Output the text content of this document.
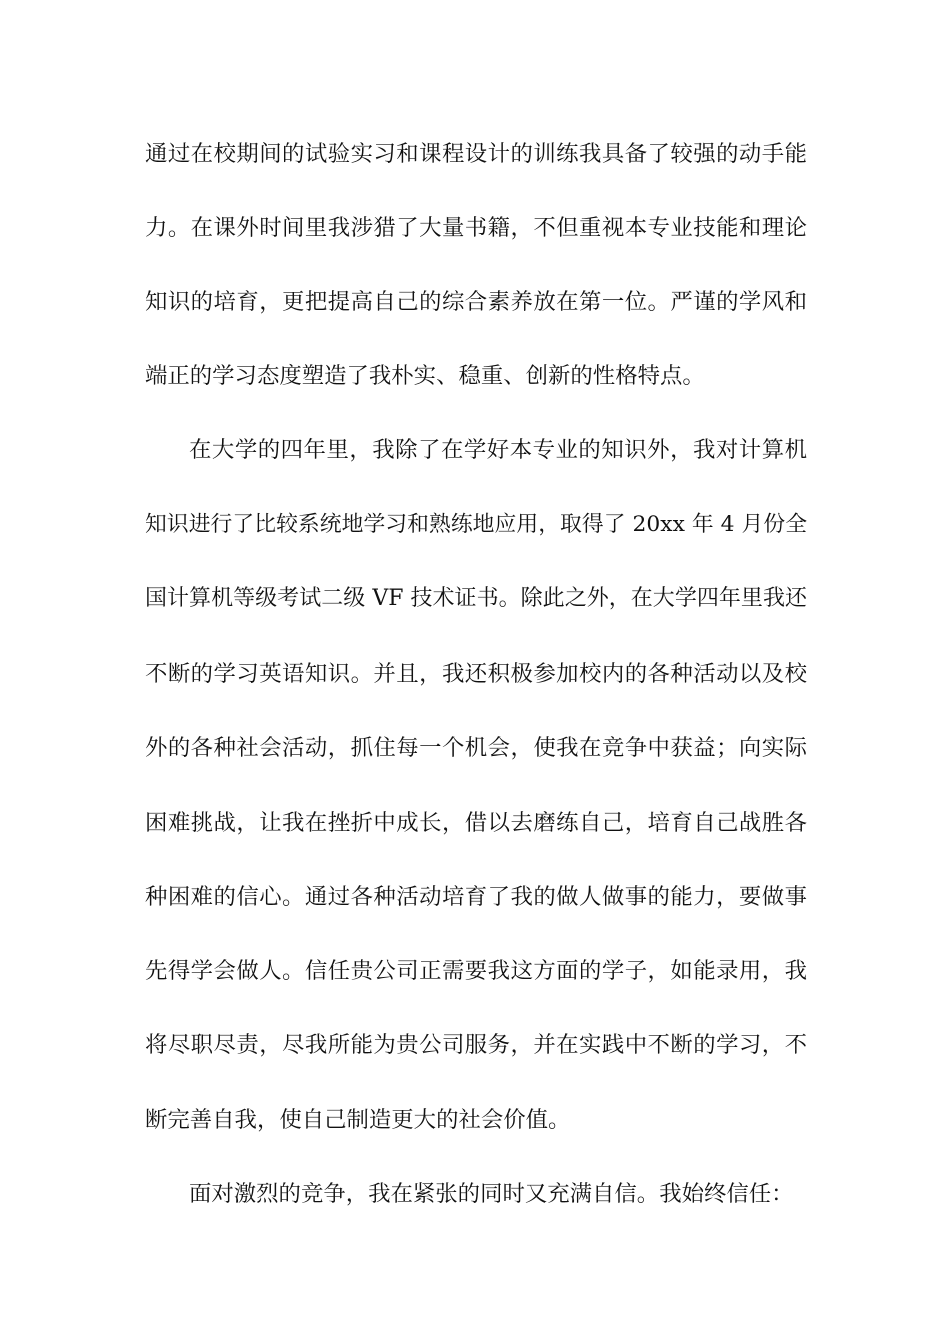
通过在校期间的试验实习和课程设计的训练我具备了较强的动手能
力。在课外时间里我涉猎了大量书籍，不但重视本专业技能和理论
知识的培育，更把提高自己的综合素养放在第一位。严谨的学风和
端正的学习态度塑造了我朴实、稳重、创新的性格特点。
在大学的四年里，我除了在学好本专业的知识外，我对计算机
知识进行了比较系统地学习和熟练地应用，取得了 20xx 年 4 月份全
国计算机等级考试二级 VF 技术证书。除此之外，在大学四年里我还
不断的学习英语知识。并且，我还积极参加校内的各种活动以及校
外的各种社会活动，抓住每一个机会，使我在竞争中获益；向实际
困难挑战，让我在挫折中成长，借以去磨练自己，培育自己战胜各
种困难的信心。通过各种活动培育了我的做人做事的能力，要做事
先得学会做人。信任贵公司正需要我这方面的学子，如能录用，我
将尽职尽责，尽我所能为贵公司服务，并在实践中不断的学习，不
断完善自我，使自己制造更大的社会价值。
面对激烈的竞争，我在紧张的同时又充满自信。我始终信任：
